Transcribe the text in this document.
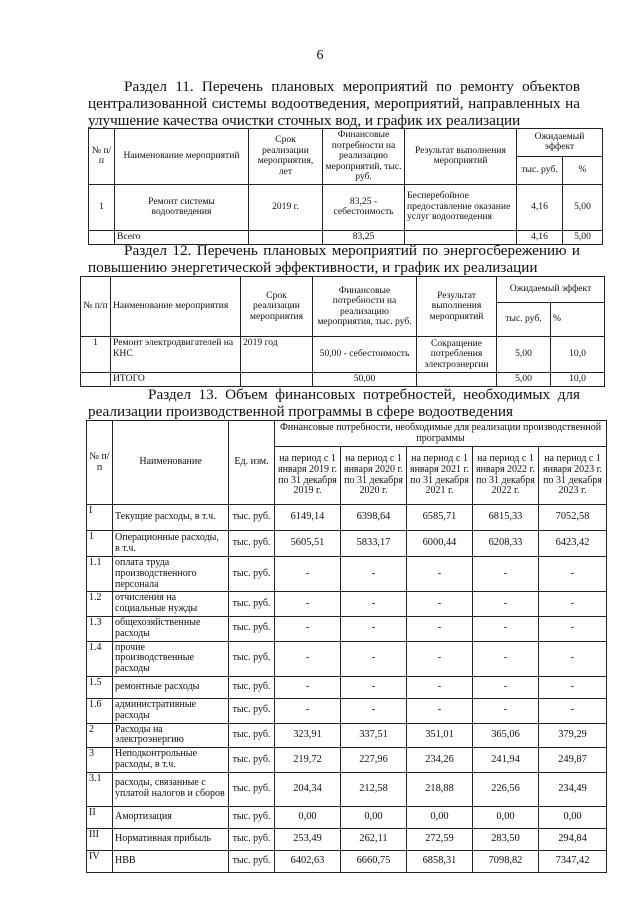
6
Раздел 11. Перечень плановых мероприятий по ремонту объектов централизованной системы водоотведения, мероприятий, направленных на улучшение качества очистки сточных вод, и график их реализации
№ п/п	Наименование мероприятий	Срок реализации мероприятия, лет	Финансовые потребности на реализацию мероприятий, тыс. руб.	Результат выполнения мероприятий	Ожидаемый эффект	
					тыс. руб.	%
1	Ремонт системы водоотведения	2019 г.	83,25 - себестоимость	Бесперебойное предоставление оказание услуг водоотведения	4,16	5,00
	Всего		83,25		4,16	5,00
Раздел 12. Перечень плановых мероприятий по энергосбережению и повышению энергетической эффективности, и график их реализации
№ п/п	Наименование мероприятия	Срок реализации мероприятия	Финансовые потребности на реализацию мероприятия, тыс. руб.	Результат выполнения мероприятий	Ожидаемый эффект	
					тыс. руб.	%
1	Ремонт электродвигателей на КНС	2019 год	50,00 - себестоимость	Сокращение потребления электроэнергии	5,00	10,0
	ИТОГО		50,00		5,00	10,0
Раздел 13. Объем финансовых потребностей, необходимых для реализации производственной программы в сфере водоотведения
№ п/п	Наименование	Ед. изм.	Финансовые потребности, необходимые для реализации производственной программы				
			на период с 1 января 2019 г. по 31 декабря 2019 г.	на период с 1 января 2020 г. по 31 декабря 2020 г.	на период с 1 января 2021 г. по 31 декабря 2021 г.	на период с 1 января 2022 г. по 31 декабря 2022 г.	на период с 1 января 2023 г. по 31 декабря 2023 г.
I	Текущие расходы, в т.ч.	тыс. руб.	6149,14	6398,64	6585,71	6815,33	7052,58
1	Операционные расходы, в т.ч.	тыс. руб.	5605,51	5833,17	6000,44	6208,33	6423,42
1.1	оплата труда производственного персонала	тыс. руб.	-	-	-	-	-
1.2	отчисления на социальные нужды	тыс. руб.	-	-	-	-	-
1.3	общехозяйственные расходы	тыс. руб.	-	-	-	-	-
1.4	прочие производственные расходы	тыс. руб.	-	-	-	-	-
1.5	ремонтные расходы	тыс. руб.	-	-	-	-	-
1.6	административные расходы	тыс. руб.	-	-	-	-	-
2	Расходы на электроэнергию	тыс. руб.	323,91	337,51	351,01	365,06	379,29
3	Неподконтрольные расходы, в т.ч.	тыс. руб.	219,72	227,96	234,26	241,94	249,87
3.1	расходы, связанные с уплатой налогов и сборов	тыс. руб.	204,34	212,58	218,88	226,56	234,49
II	Амортизация	тыс. руб.	0,00	0,00	0,00	0,00	0,00
III	Нормативная прибыль	тыс. руб.	253,49	262,11	272,59	283,50	294,84
IV	НВВ	тыс. руб.	6402,63	6660,75	6858,31	7098,82	7347,42
